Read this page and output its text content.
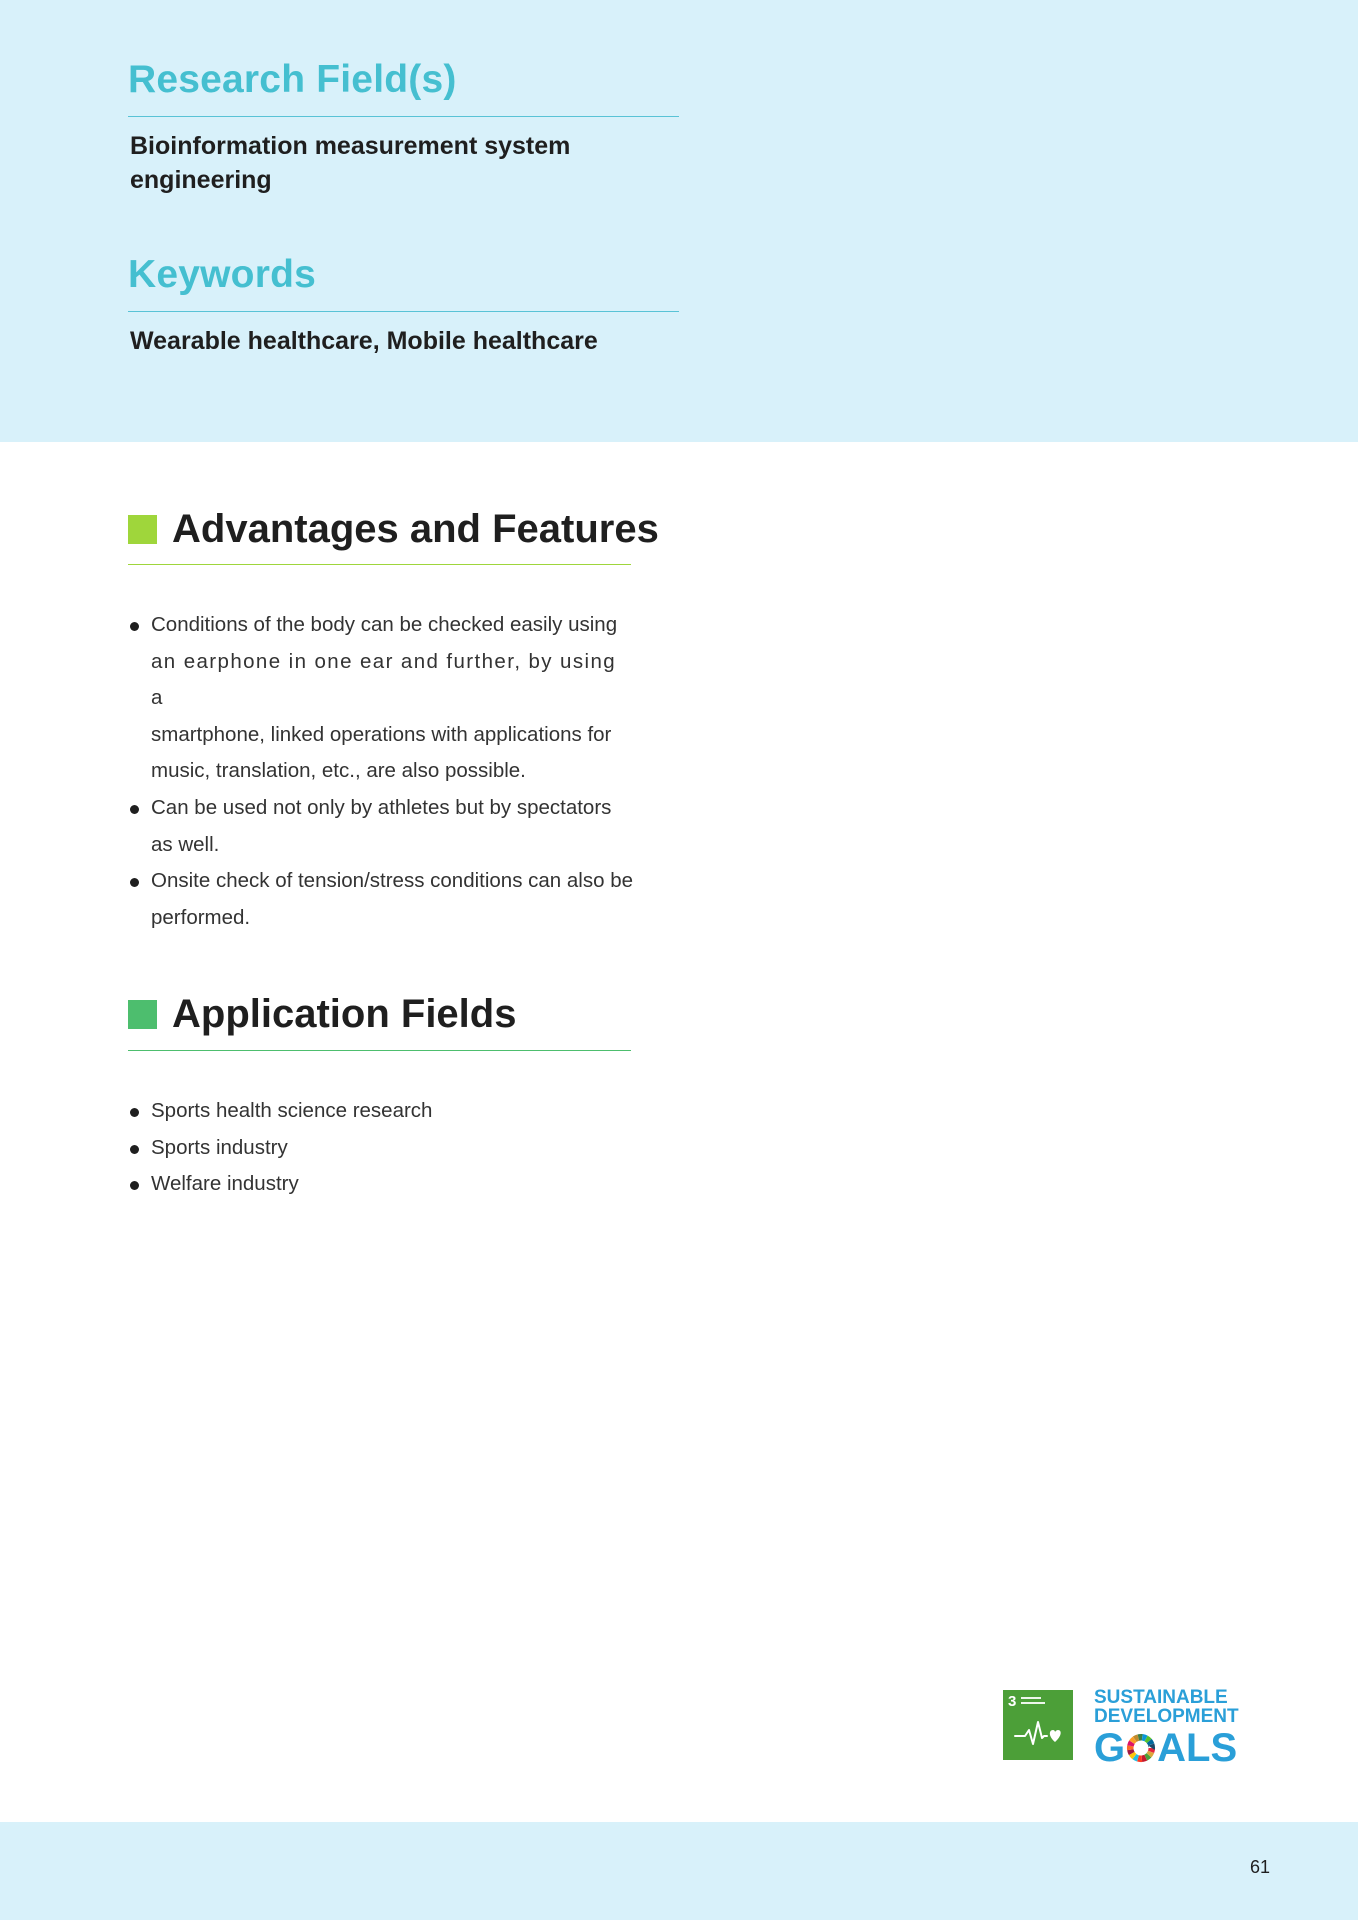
Research Field(s)
Bioinformation measurement system
engineering
Keywords
Wearable healthcare, Mobile healthcare
Advantages and Features
Conditions of the body can be checked easily using
an earphone in one ear and further, by using a
smartphone, linked operations with applications for
music, translation, etc., are also possible.
Can be used not only by athletes but by spectators
as well.
Onsite check of tension/stress conditions can also be
performed.
Application Fields
Sports health science research
Sports industry
Welfare industry
3	SUSTAINABLE
DEVELOPMENT
G ALS
61
